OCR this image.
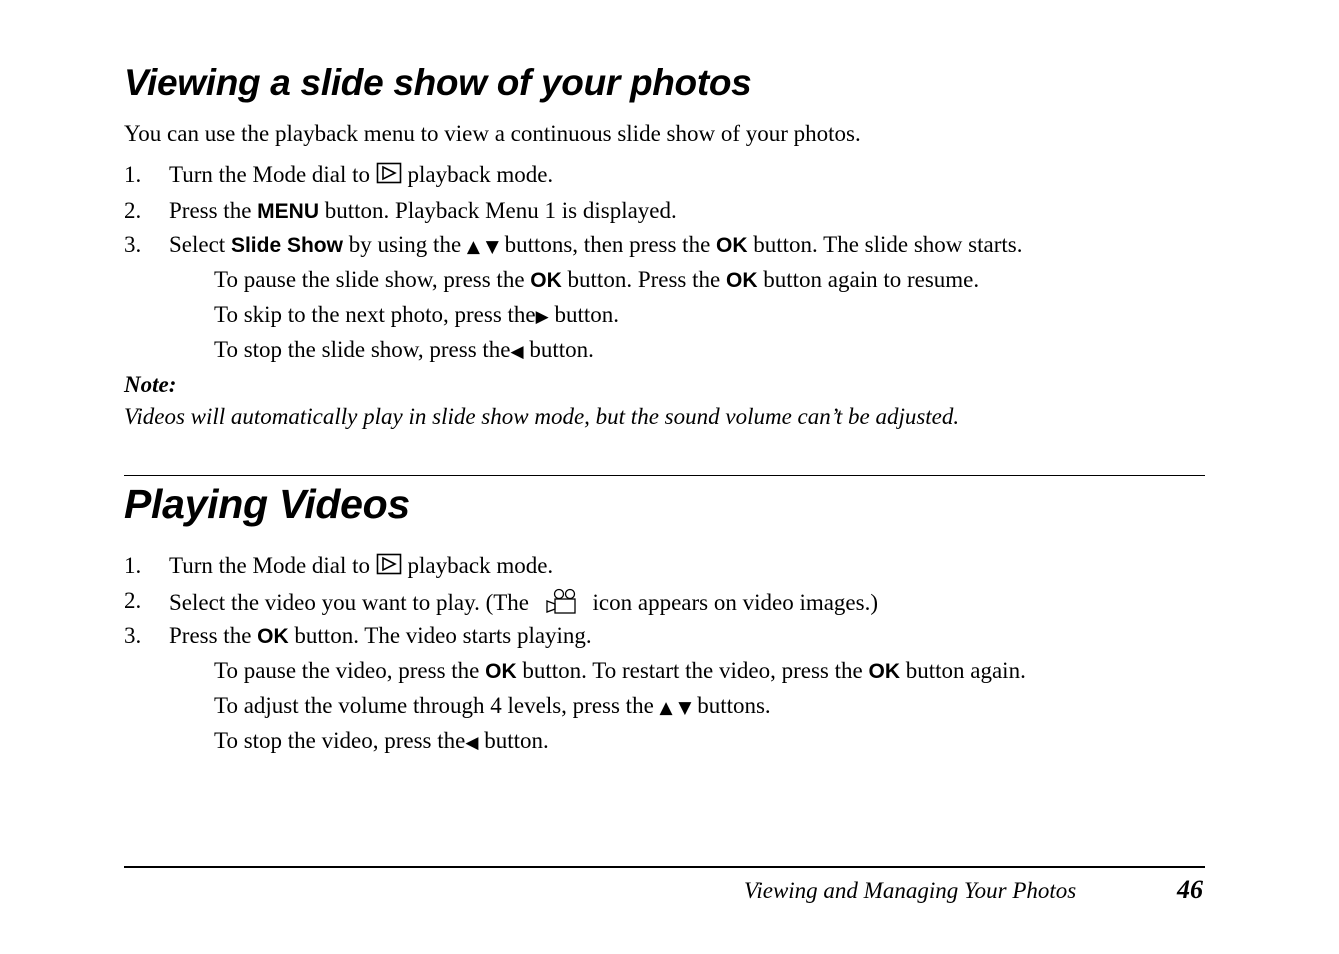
Viewing a slide show of your photos
You can use the playback menu to view a continuous slide show of your photos.
1. Turn the Mode dial to playback mode.
2. Press the MENU button. Playback Menu 1 is displayed.
3. Select Slide Show by using the ▲ ▼ buttons, then press the OK button. The slide show starts.
To pause the slide show, press the OK button. Press the OK button again to resume.
To skip to the next photo, press the▶ button.
To stop the slide show, press the◀ button.
Note:
Videos will automatically play in slide show mode, but the sound volume can’t be adjusted.
Playing Videos
1. Turn the Mode dial to playback mode.
2. Select the video you want to play. (The	icon appears on video images.)
3. Press the OK button. The video starts playing.
To pause the video, press the OK button. To restart the video, press the OK button again.
To adjust the volume through 4 levels, press the ▲ ▼ buttons.
To stop the video, press the◀ button.
Viewing and Managing Your Photos	46
